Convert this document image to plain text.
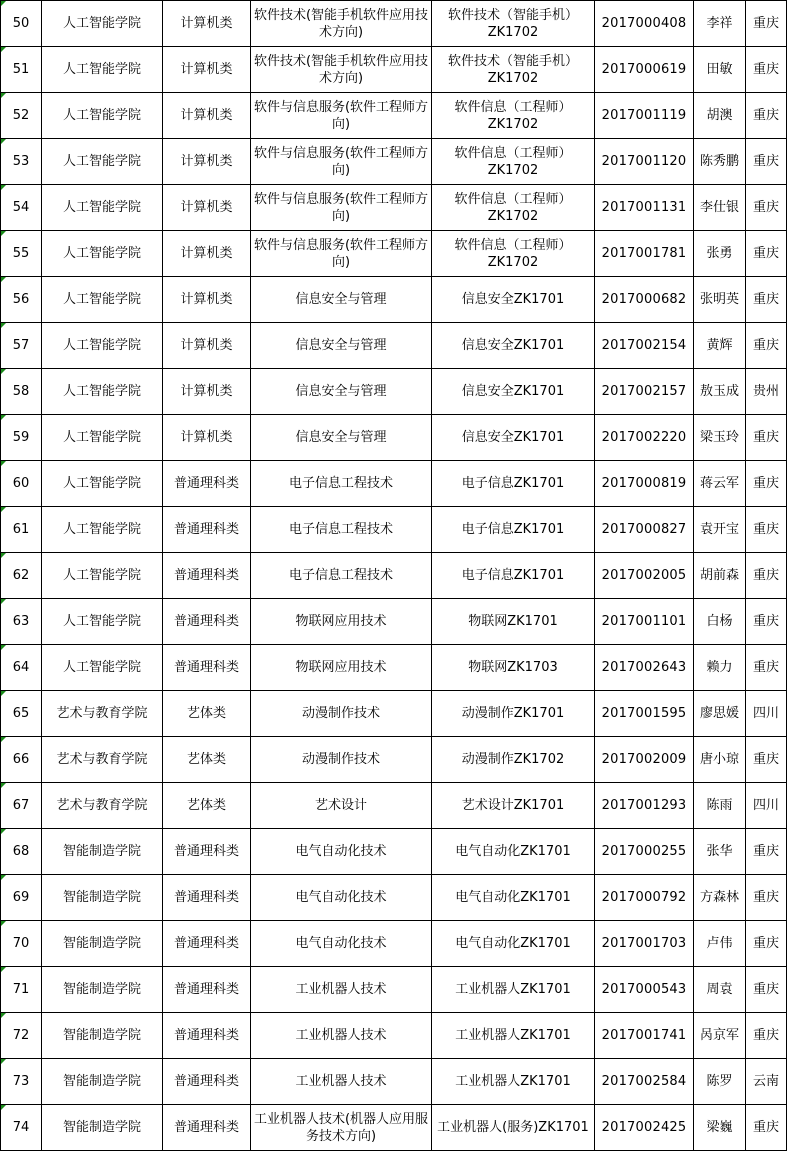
50	人工智能学院	计算机类	软件技术(智能手机软件应用技术方向)	软件技术（智能手机）ZK1702	2017000408	李祥	重庆
51	人工智能学院	计算机类	软件技术(智能手机软件应用技术方向)	软件技术（智能手机）ZK1702	2017000619	田敏	重庆
52	人工智能学院	计算机类	软件与信息服务(软件工程师方向)	软件信息（工程师）ZK1702	2017001119	胡澳	重庆
53	人工智能学院	计算机类	软件与信息服务(软件工程师方向)	软件信息（工程师）ZK1702	2017001120	陈秀鹏	重庆
54	人工智能学院	计算机类	软件与信息服务(软件工程师方向)	软件信息（工程师）ZK1702	2017001131	李仕银	重庆
55	人工智能学院	计算机类	软件与信息服务(软件工程师方向)	软件信息（工程师）ZK1702	2017001781	张勇	重庆
56	人工智能学院	计算机类	信息安全与管理	信息安全ZK1701	2017000682	张明英	重庆
57	人工智能学院	计算机类	信息安全与管理	信息安全ZK1701	2017002154	黄辉	重庆
58	人工智能学院	计算机类	信息安全与管理	信息安全ZK1701	2017002157	敖玉成	贵州
59	人工智能学院	计算机类	信息安全与管理	信息安全ZK1701	2017002220	梁玉玲	重庆
60	人工智能学院	普通理科类	电子信息工程技术	电子信息ZK1701	2017000819	蒋云军	重庆
61	人工智能学院	普通理科类	电子信息工程技术	电子信息ZK1701	2017000827	袁开宝	重庆
62	人工智能学院	普通理科类	电子信息工程技术	电子信息ZK1701	2017002005	胡前森	重庆
63	人工智能学院	普通理科类	物联网应用技术	物联网ZK1701	2017001101	白杨	重庆
64	人工智能学院	普通理科类	物联网应用技术	物联网ZK1703	2017002643	赖力	重庆
65	艺术与教育学院	艺体类	动漫制作技术	动漫制作ZK1701	2017001595	廖思媛	四川
66	艺术与教育学院	艺体类	动漫制作技术	动漫制作ZK1702	2017002009	唐小琼	重庆
67	艺术与教育学院	艺体类	艺术设计	艺术设计ZK1701	2017001293	陈雨	四川
68	智能制造学院	普通理科类	电气自动化技术	电气自动化ZK1701	2017000255	张华	重庆
69	智能制造学院	普通理科类	电气自动化技术	电气自动化ZK1701	2017000792	方森林	重庆
70	智能制造学院	普通理科类	电气自动化技术	电气自动化ZK1701	2017001703	卢伟	重庆
71	智能制造学院	普通理科类	工业机器人技术	工业机器人ZK1701	2017000543	周袁	重庆
72	智能制造学院	普通理科类	工业机器人技术	工业机器人ZK1701	2017001741	呙京军	重庆
73	智能制造学院	普通理科类	工业机器人技术	工业机器人ZK1701	2017002584	陈罗	云南
74	智能制造学院	普通理科类	工业机器人技术(机器人应用服务技术方向)	工业机器人(服务)ZK1701	2017002425	梁巍	重庆
